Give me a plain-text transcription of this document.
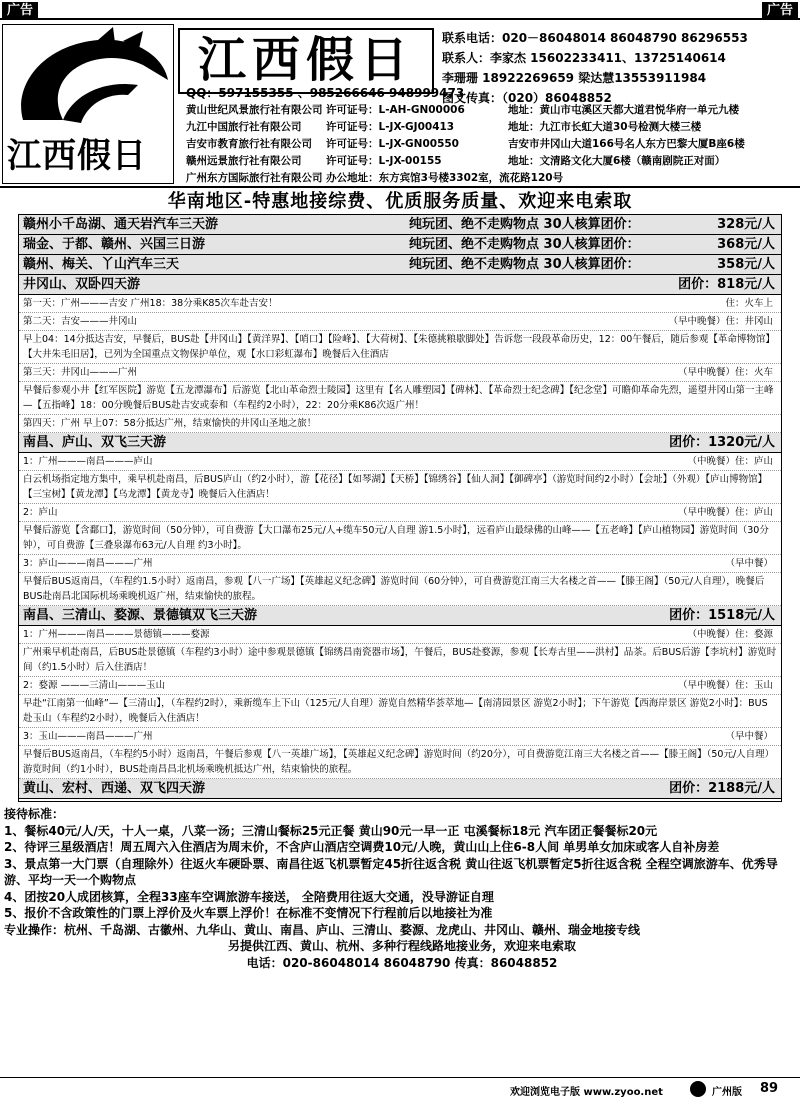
广告	广告
江西假日
江西假日	联系电话：020－86048014 86048790 86296553
联系人：李家杰 15602233411、13725140614
李珊珊 18922269659 梁达慧13553911984
图文传真：（020）86048852
QQ：597155355 、985266646 948999473
黄山世纪风景旅行社有限公司 许可证号：L-AH-GN00006	地址：黄山市屯溪区天都大道君悦华府一单元九楼
九江中国旅行社有限公司	许可证号：L-JX-GJ00413	地址：九江市长虹大道30号检测大楼三楼
吉安市教育旅行社有限公司	许可证号：L-JX-GN00550	吉安市井冈山大道166号名人东方巴黎大厦B座6楼
赣州远景旅行社有限公司	许可证号：L-JX-00155	地址：文清路文化大厦6楼（赣南剧院正对面）
广州东方国际旅行社有限公司 办公地址：东方宾馆3号楼3302室，流花路120号
华南地区-特惠地接综费、优质服务质量、欢迎来电索取
赣州小千岛湖、通天岩汽车三天游	纯玩团、绝不走购物点 30人核算团价：	328元/人
瑞金、于都、赣州、兴国三日游	纯玩团、绝不走购物点 30人核算团价：	368元/人
赣州、梅关、丫山汽车三天	纯玩团、绝不走购物点 30人核算团价：	358元/人
井冈山、双卧四天游	团价：818元/人
第一天：广州———吉安 广州18：38分乘K85次车赴吉安！	住：火车上
第二天：吉安———井冈山	（早中晚餐）住：井冈山
早上04：14分抵达吉安，早餐后，BUS赴【井冈山】【黄洋界】、【哨口】【险峰】、【大荷树】、【朱德挑粮歇脚处】告诉您一段段革命历史，12：00午餐后，随后参观【革命博物馆】【大井朱毛旧居】，已列为全国重点文物保护单位，观【水口彩虹瀑布】晚餐后入住酒店
第三天：井冈山———广州	（早中晚餐）住：火车
早餐后参观小井【红军医院】游览【五龙潭瀑布】后游览【北山革命烈士陵园】这里有【名人雕塑园】【碑林】、【革命烈士纪念碑】【纪念堂】可瞻仰革命先烈，遥望井冈山第一主峰—【五指峰】18：00分晚餐后BUS赴吉安或泰和（车程约2小时），22：20分乘K86次返广州！
第四天：广州 早上07：58分抵达广州，结束愉快的井冈山圣地之旅！
南昌、庐山、双飞三天游	团价：1320元/人
1：广州———南昌———庐山	（中晚餐）住：庐山
白云机场指定地方集中，乘早机赴南昌，后BUS庐山（约2小时），游【花径】【如琴湖】【天桥】【锦绣谷】【仙人洞】【御碑亭】（游览时间约2小时）【会址】（外观）【庐山博物馆】【三宝树】【黄龙潭】【乌龙潭】【黄龙寺】晚餐后入住酒店！
2：庐山	（早中晚餐）住：庐山
早餐后游览【含鄱口】，游览时间（50分钟），可自费游【大口瀑布25元/人+缆车50元/人自理 游1.5小时】，远看庐山最绿佛的山峰——【五老峰】【庐山植物园】游览时间（30分钟），可自费游【三叠泉瀑布63元/人自理 约3小时】。
3：庐山———南昌———广州	（早中餐）
早餐后BUS返南昌，（车程约1.5小时）返南昌，参观【八一广场】【英雄起义纪念碑】游览时间（60分钟），可自费游览江南三大名楼之首——【滕王阁】（50元/人自理），晚餐后BUS赴南昌北国际机场乘晚机返广州，结束愉快的旅程。
南昌、三清山、婺源、景德镇双飞三天游	团价：1518元/人
1：广州———南昌———景德镇———婺源	（中晚餐）住：婺源
广州乘早机赴南昌，后BUS赴景德镇（车程约3小时）途中参观景德镇【锦绣昌南瓷器市场】，午餐后，BUS赴婺源，参观【长寿古里——洪村】品茶。后BUS后游【李坑村】游览时间（约1.5小时）后入住酒店！
2：婺源 ———三清山———玉山	（早中晚餐）住：玉山
早赴“江南第一仙峰”—【三清山】，（车程约2时），乘新缆车上下山（125元/人自理）游览自然精华荟萃地—【南清园景区 游览2小时】；下午游览【西海岸景区 游览2小时】：BUS赴玉山（车程约2小时），晚餐后入住酒店！
3：玉山———南昌———广州	（早中餐）
早餐后BUS返南昌，（车程约5小时）返南昌，午餐后参观【八一英雄广场】，【英雄起义纪念碑】游览时间（约20分），可自费游览江南三大名楼之首——【滕王阁】（50元/人自理）游览时间（约1小时），BUS赴南昌昌北机场乘晚机抵达广州，结束愉快的旅程。
黄山、宏村、西递、双飞四天游	团价：2188元/人
接待标准：
1、餐标40元/人/天，十人一桌，八菜一汤；三清山餐标25元正餐 黄山90元一早一正 屯溪餐标18元 汽车团正餐餐标20元
2、待评三星级酒店！周五周六入住酒店为周末价，不含庐山酒店空调费10元/人晚，黄山山上住6-8人间 单男单女加床或客人自补房差
3、景点第一大门票（自理除外）往返火车硬卧票、南昌往返飞机票暂定45折往返含税 黄山往返飞机票暂定5折往返含税 全程空调旅游车、优秀导游、平均一天一个购物点
4、团按20人成团核算，全程33座车空调旅游车接送， 全陪费用往返大交通，没导游证自理
5、报价不含政策性的门票上浮价及火车票上浮价！在标准不变情况下行程前后以地接社为准
专业操作：杭州、千岛湖、古徽州、九华山、黄山、南昌、庐山、三清山、婺源、龙虎山、井冈山、赣州、瑞金地接专线
另提供江西、黄山、杭州、多种行程线路地接业务，欢迎来电索取
电话：020-86048014 86048790 传真：86048852
欢迎浏览电子版 www.zyoo.net	广州版 89
